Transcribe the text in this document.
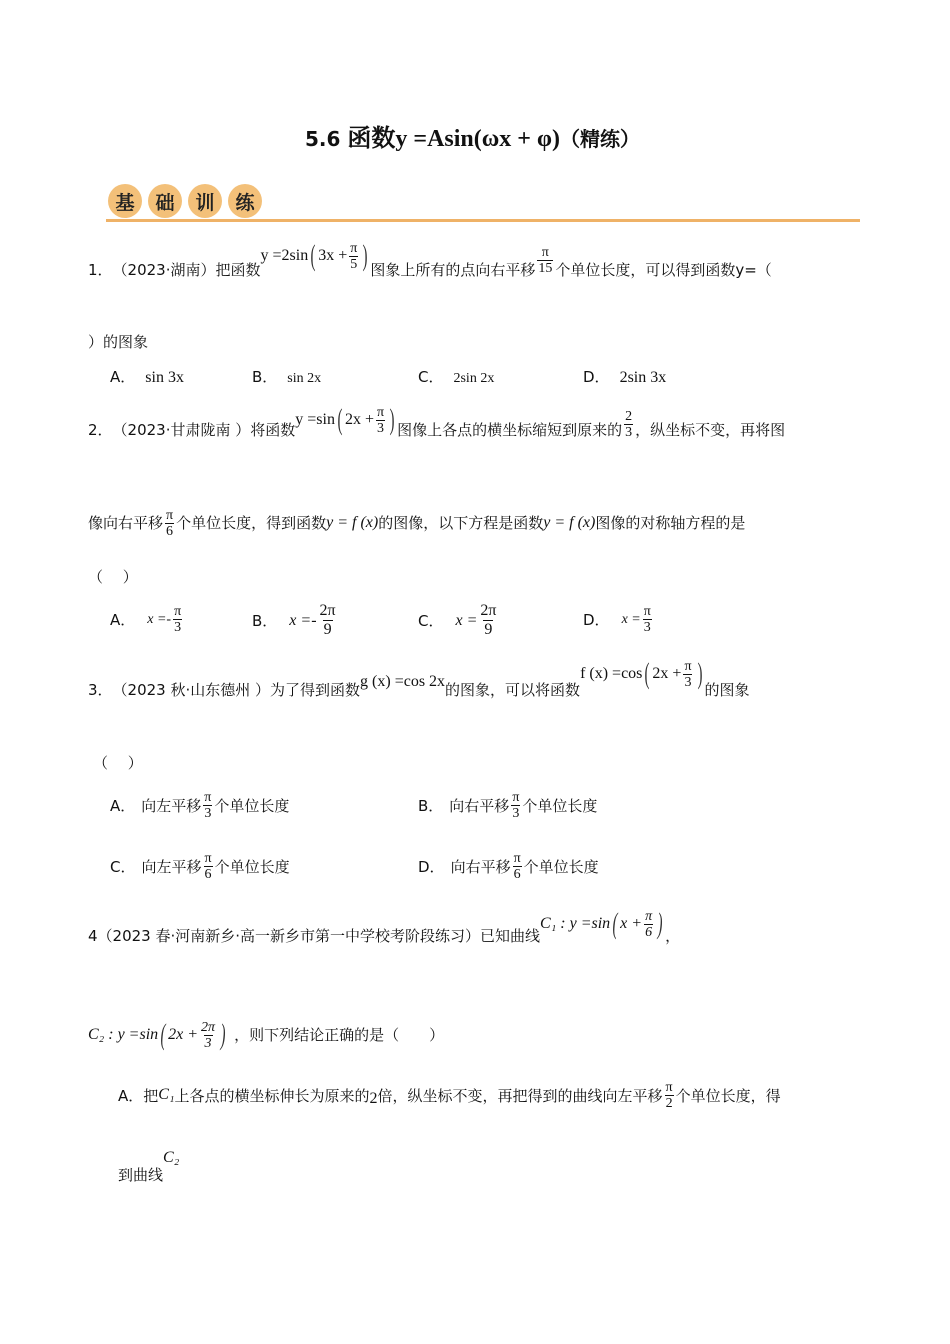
5.6 函数y =Asin(ωx + φ)（精练）
基	础	训	练
1． （2023·湖南）把函数
y =2sin ( $3x + \frac{\pi}{5}$ ) 图象上所有的点向右平移 $\frac{\pi}{15}$ 个单位长度，可以得到函数y=（
）的图象
A． sin 3x	B． sin 2x	C． 2sin 2x	D． 2sin 3x
2． （2023·甘肃陇南 ）将函数
y =sin ( $2x + \frac{\pi}{3}$ ) 图像上各点的横坐标缩短到原来的 $\frac{2}{3}$ ，纵坐标不变，再将图
像向右平移 $\frac{\pi}{6}$ 个单位长度，得到函数 y = f (x) 的图像，以下方程是函数 y = f (x) 图像的对称轴方程的是
（　 ）
A． $x =- \frac{\pi}{3}$	B． $x =- \frac{2\pi}{9}$	C． $x = \frac{2\pi}{9}$	D． $x = \frac{\pi}{3}$
3． （2023 秋·山东德州 ）为了得到函数 g (x) =cos 2x 的图象，可以将函数
f (x) =cos ( $2x + \frac{\pi}{3}$ ) 的图象
（　 ）
A． 向左平移 $\frac{\pi}{3}$ 个单位长度	B． 向右平移 $\frac{\pi}{3}$ 个单位长度
C． 向左平移 $\frac{\pi}{6}$ 个单位长度	D． 向右平移 $\frac{\pi}{6}$ 个单位长度
4（2023 春·河南新乡·高一新乡市第一中学校考阶段练习）已知曲线
C₁ : y =sin ( $x + \frac{\pi}{6}$ ) ，
C₂ : y =sin ( $2x + \frac{2\pi}{3}$ ) ，则下列结论正确的是（　　）
A． 把 C₁ 上各点的横坐标伸长为原来的 2 倍，纵坐标不变，再把得到的曲线向左平移 $\frac{\pi}{2}$ 个单位长度，得
到曲线
C₂
